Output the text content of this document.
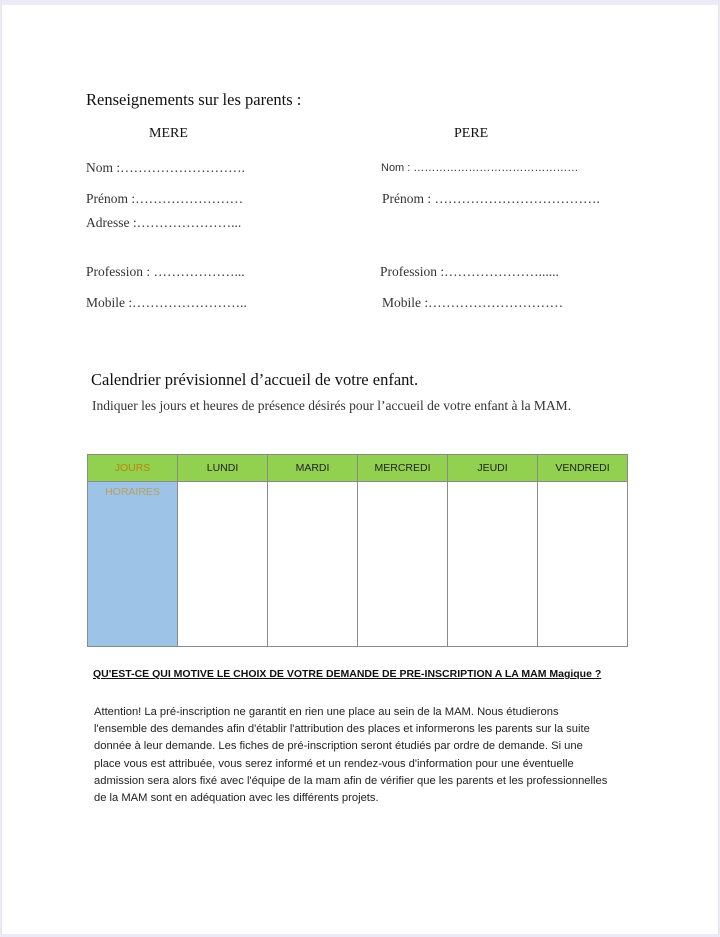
Renseignements sur les parents :
MERE	PERE
Nom :……………………….	Nom : ………………………………………
Prénom :……………………	Prénom : ……………………………….
Adresse :…………………...
Profession : ………………...	Profession :…………………......
Mobile :……………………..	Mobile :…………………………
Calendrier prévisionnel d’accueil de votre enfant.
Indiquer les jours et heures de présence désirés pour l’accueil de votre enfant à la MAM.
JOURS	LUNDI	MARDI	MERCREDI	JEUDI	VENDREDI
HORAIRES					
QU'EST-CE QUI MOTIVE LE CHOIX DE VOTRE DEMANDE DE PRE-INSCRIPTION A LA MAM Magique ?
Attention! La pré-inscription ne garantit en rien une place au sein de la MAM. Nous étudierons
l'ensemble des demandes afin d'établir l'attribution des places et informerons les parents sur la suite
donnée à leur demande. Les fiches de pré-inscription seront étudiés par ordre de demande. Si une
place vous est attribuée, vous serez informé et un rendez-vous d'information pour une éventuelle
admission sera alors fixé avec l'équipe de la mam afin de vérifier que les parents et les professionnelles
de la MAM sont en adéquation avec les différents projets.
